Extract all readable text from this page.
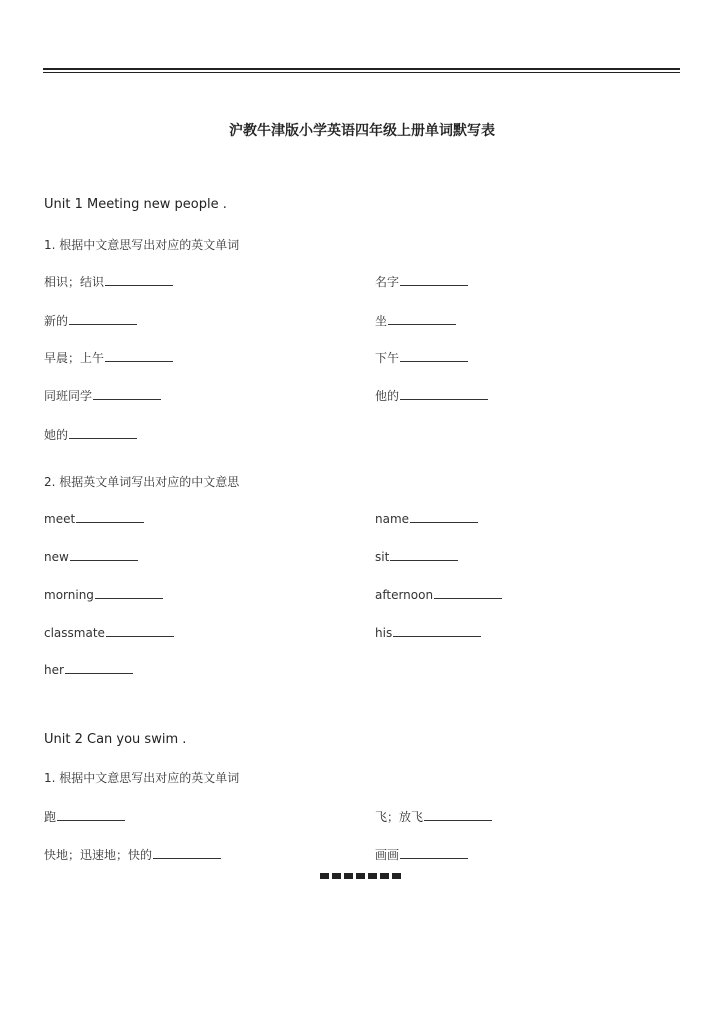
沪教牛津版小学英语四年级上册单词默写表
Unit 1 Meeting new people .
1. 根据中文意思写出对应的英文单词
相识；结识	名字
新的	坐
早晨；上午	下午
同班同学	他的
她的
2. 根据英文单词写出对应的中文意思
meet	name
new	sit
morning	afternoon
classmate	his
her
Unit 2 Can you swim .
1. 根据中文意思写出对应的英文单词
跑	飞；放飞
快地；迅速地；快的	画画
